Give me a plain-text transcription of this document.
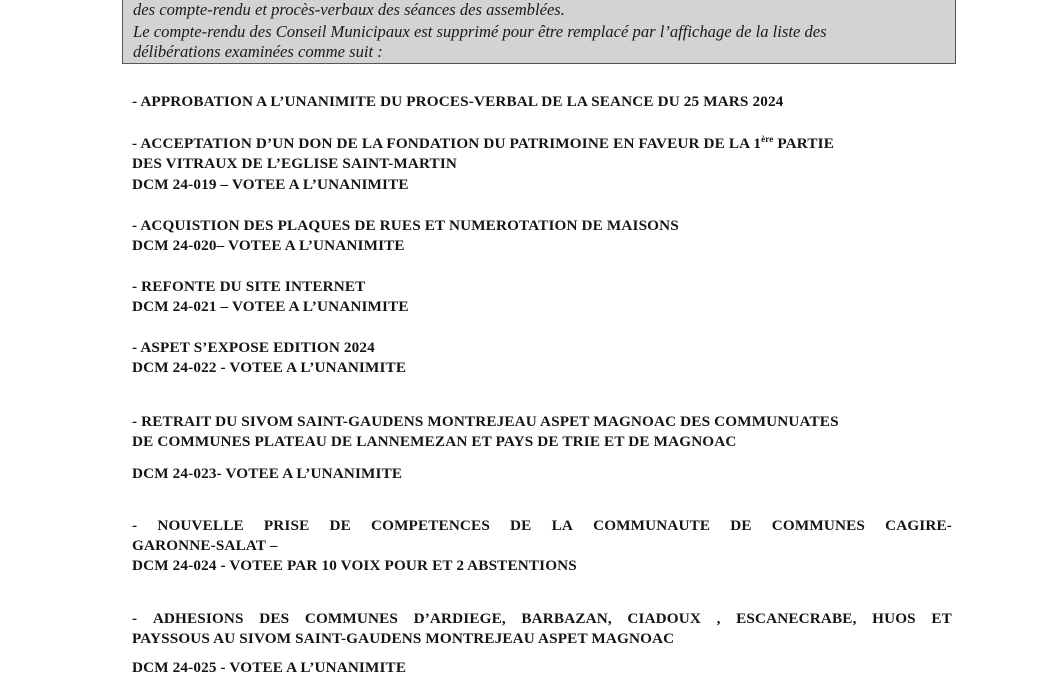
des compte-rendu et procès-verbaux des séances des assemblées.
Le compte-rendu des Conseil Municipaux est supprimé pour être remplacé par l’affichage de la liste des
délibérations examinées comme suit :
- APPROBATION A L’UNANIMITE DU PROCES-VERBAL DE LA SEANCE DU 25 MARS 2024
- ACCEPTATION D’UN DON DE LA FONDATION DU PATRIMOINE EN FAVEUR DE LA 1ère PARTIE
DES VITRAUX DE L’EGLISE SAINT-MARTIN
DCM 24-019 – VOTEE A L’UNANIMITE
- ACQUISTION DES PLAQUES DE RUES ET NUMEROTATION DE MAISONS
DCM 24-020– VOTEE A L’UNANIMITE
- REFONTE DU SITE INTERNET
DCM 24-021 – VOTEE A L’UNANIMITE
- ASPET S’EXPOSE EDITION 2024
DCM 24-022 - VOTEE A L’UNANIMITE
- RETRAIT DU SIVOM SAINT-GAUDENS MONTREJEAU ASPET MAGNOAC DES COMMUNUATES
DE COMMUNES PLATEAU DE LANNEMEZAN ET PAYS DE TRIE ET DE MAGNOAC
DCM 24-023- VOTEE A L’UNANIMITE
- NOUVELLE PRISE DE COMPETENCES DE LA COMMUNAUTE DE COMMUNES CAGIRE-
GARONNE-SALAT –
DCM 24-024 - VOTEE PAR 10 VOIX POUR ET 2 ABSTENTIONS
- ADHESIONS DES COMMUNES D’ARDIEGE, BARBAZAN, CIADOUX , ESCANECRABE, HUOS ET
PAYSSOUS AU SIVOM SAINT-GAUDENS MONTREJEAU ASPET MAGNOAC
DCM 24-025 - VOTEE A L’UNANIMITE
